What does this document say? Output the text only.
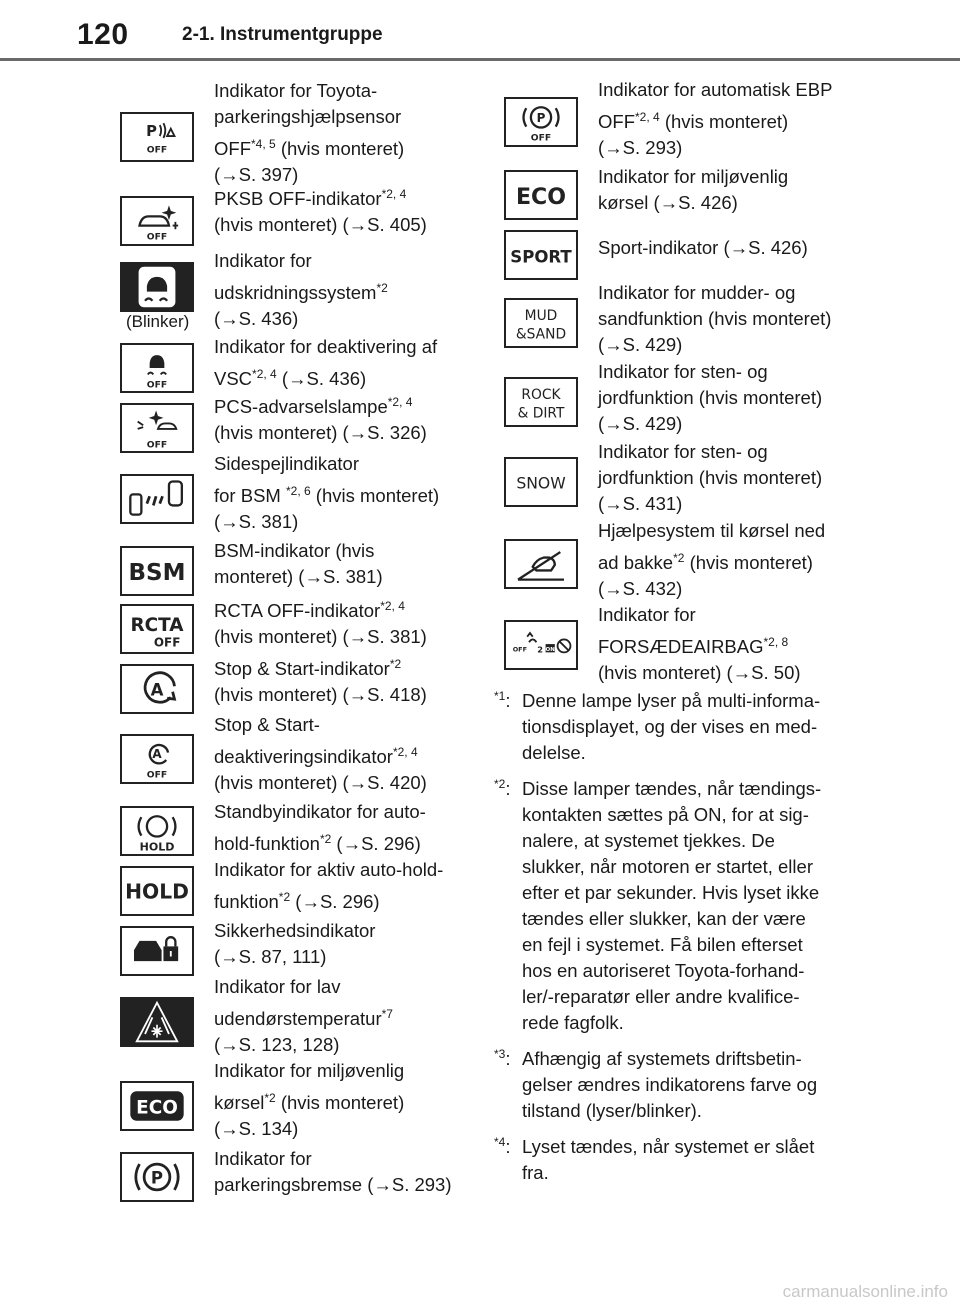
120	2-1. Instrumentgruppe
P
OFF
Indikator for Toyota-
parkeringshjælpsensor
OFF$^{*4, 5}$ (hvis monteret)
(→S. 397)
OFF
PKSB OFF-indikator$^{*2, 4}$
(hvis monteret) (→S. 405)
(Blinker)
Indikator for
udskridningssystem$^{*2}$
(→S. 436)
OFF
Indikator for deaktivering af
VSC$^{*2, 4}$ (→S. 436)
OFF
PCS-advarselslampe$^{*2, 4}$
(hvis monteret) (→S. 326)
Sidespejlindikator
for BSM $^{*2, 6}$ (hvis monteret)
(→S. 381)
BSM
BSM-indikator (hvis
monteret) (→S. 381)
RCTA
OFF
RCTA OFF-indikator$^{*2, 4}$
(hvis monteret) (→S. 381)
A
Stop & Start-indikator$^{*2}$
(hvis monteret) (→S. 418)
A
OFF
Stop & Start-
deaktiveringsindikator$^{*2, 4}$
(hvis monteret) (→S. 420)
HOLD
Standbyindikator for auto-
hold-funktion$^{*2}$ (→S. 296)
HOLD
Indikator for aktiv auto-hold-
funktion$^{*2}$ (→S. 296)
Sikkerhedsindikator
(→S. 87, 111)
Indikator for lav
udendørstemperatur$^{*7}$
(→S. 123, 128)
ECO
Indikator for miljøvenlig
kørsel$^{*2}$ (hvis monteret)
(→S. 134)
P
Indikator for
parkeringsbremse (→S. 293)
P
OFF
Indikator for automatisk EBP
OFF$^{*2, 4}$ (hvis monteret)
(→S. 293)
ECO
Indikator for miljøvenlig
kørsel (→S. 426)
SPORT Sport-indikator (→S. 426)
MUD
&SAND
Indikator for mudder- og
sandfunktion (hvis monteret)
(→S. 429)
ROCK
& DIRT
Indikator for sten- og
jordfunktion (hvis monteret)
(→S. 429)
SNOW
Indikator for sten- og
jordfunktion (hvis monteret)
(→S. 431)
Hjælpesystem til kørsel ned
ad bakke$^{*2}$ (hvis monteret)
(→S. 432)
OFF 2 ON
Indikator for
FORSÆDEAIRBAG$^{*2, 8}$
(hvis monteret) (→S. 50)
$^{*1}$: Denne lampe lyser på multi-informa-
tionsdisplayet, og der vises en med-
delelse.
$^{*2}$: Disse lamper tændes, når tændings-
kontakten sættes på ON, for at sig-
nalere, at systemet tjekkes. De
slukker, når motoren er startet, eller
efter et par sekunder. Hvis lyset ikke
tændes eller slukker, kan der være
en fejl i systemet. Få bilen efterset
hos en autoriseret Toyota-forhand-
ler/-reparatør eller andre kvalifice-
rede fagfolk.
$^{*3}$: Afhængig af systemets driftsbetin-
gelser ændres indikatorens farve og
tilstand (lyser/blinker).
$^{*4}$: Lyset tændes, når systemet er slået
fra.
carmanualsonline.info
